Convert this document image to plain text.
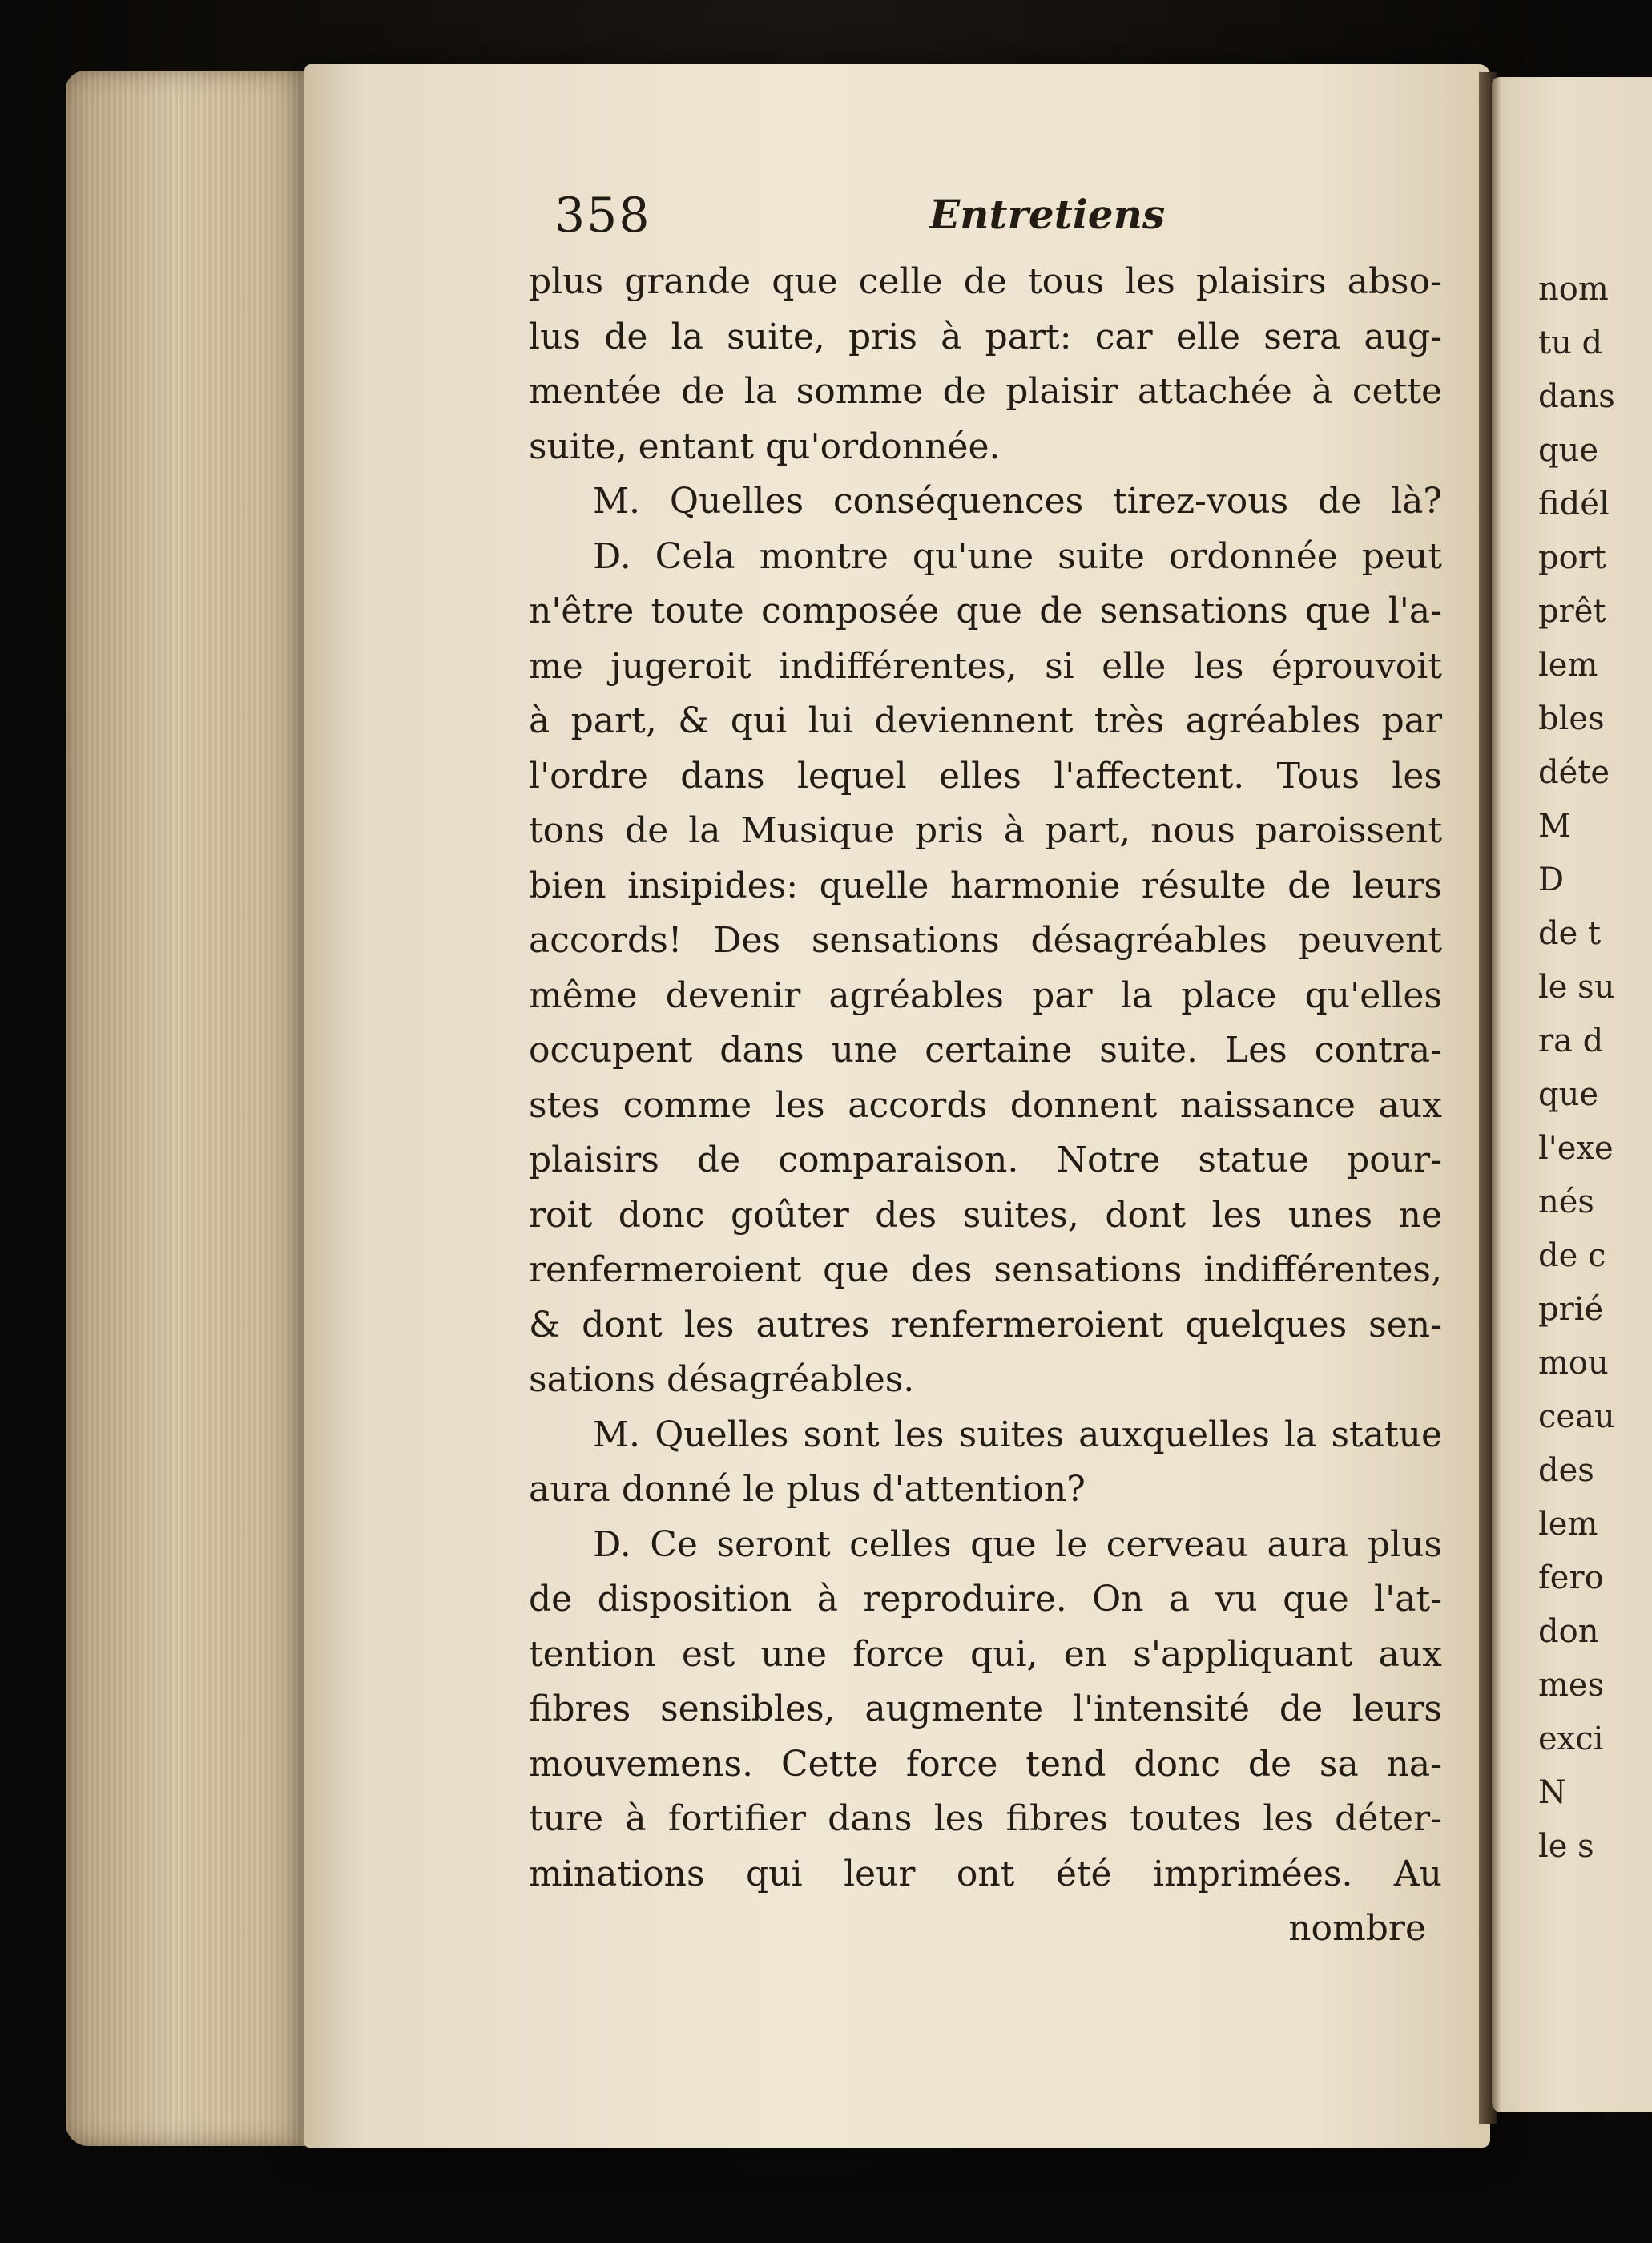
358	Entretiens
plus grande que celle de tous les plaisirs abso-
lus de la suite, pris à part: car elle sera aug-
mentée de la somme de plaisir attachée à cette
suite, entant qu'ordonnée.
M. Quelles conséquences tirez-vous de là?
D. Cela montre qu'une suite ordonnée peut
n'être toute composée que de sensations que l'a-
me jugeroit indifférentes, si elle les éprouvoit
à part, & qui lui deviennent très agréables par
l'ordre dans lequel elles l'affectent. Tous les
tons de la Musique pris à part, nous paroissent
bien insipides: quelle harmonie résulte de leurs
accords! Des sensations désagréables peuvent
même devenir agréables par la place qu'elles
occupent dans une certaine suite. Les contra-
stes comme les accords donnent naissance aux
plaisirs de comparaison. Notre statue pour-
roit donc goûter des suites, dont les unes ne
renfermeroient que des sensations indifférentes,
& dont les autres renfermeroient quelques sen-
sations désagréables.
M. Quelles sont les suites auxquelles la statue
aura donné le plus d'attention?
D. Ce seront celles que le cerveau aura plus
de disposition à reproduire. On a vu que l'at-
tention est une force qui, en s'appliquant aux
fibres sensibles, augmente l'intensité de leurs
mouvemens. Cette force tend donc de sa na-
ture à fortifier dans les fibres toutes les déter-
minations qui leur ont été imprimées. Au
nombre
nom
tu d
dans
que
fidél
port
prêt
lem
bles
déte
M
D
de t
le su
ra d
que
l'exe
nés
de c
prié
mou
ceau
des
lem
fero
don
mes
exci
N
le s
